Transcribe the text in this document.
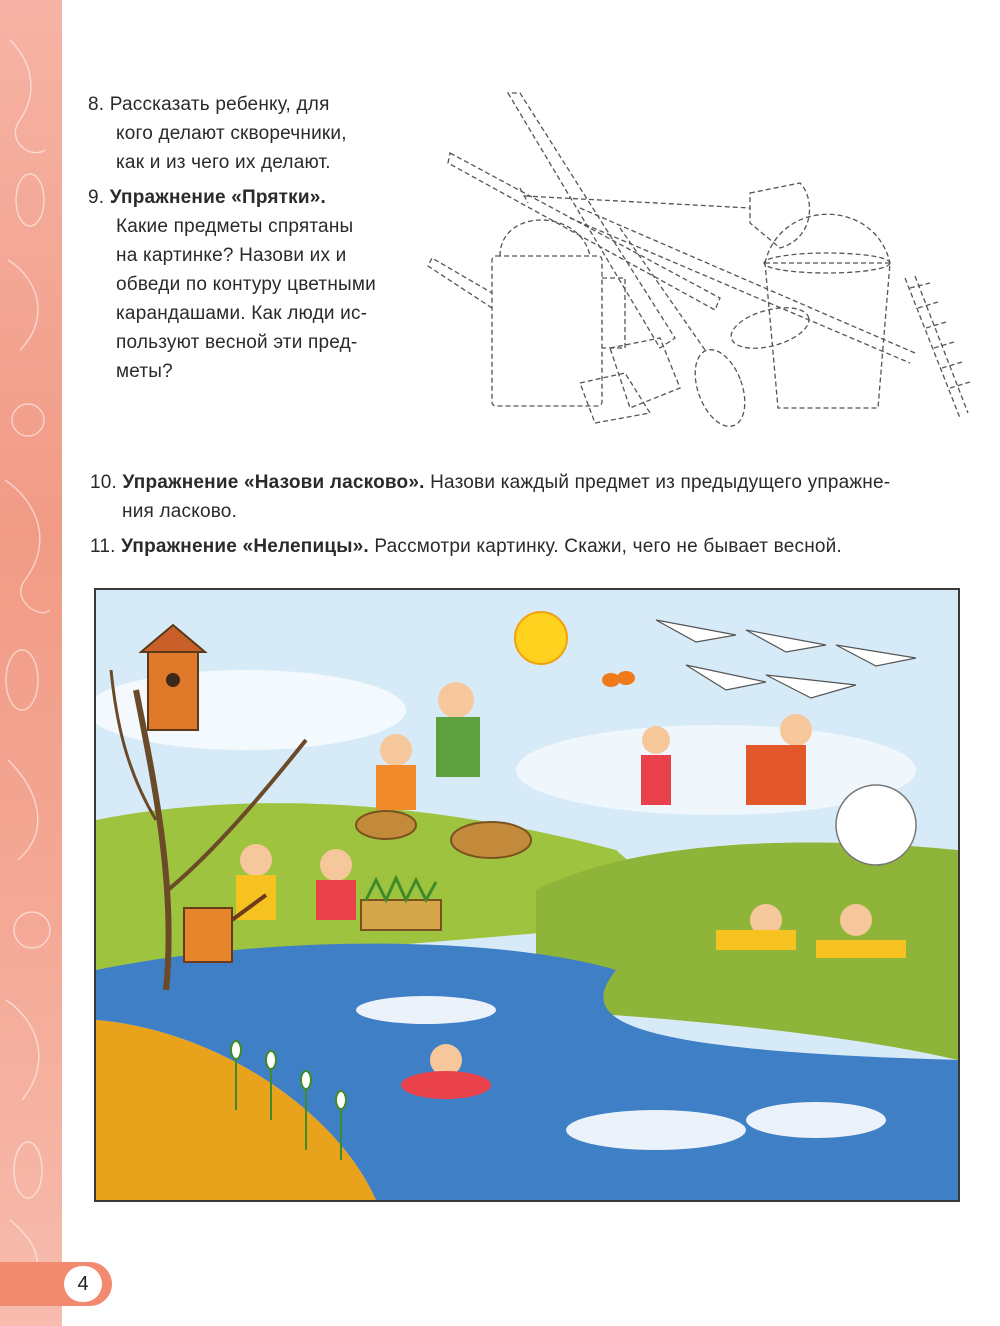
8. Рассказать ребенку, для
кого делают скворечники,
как и из чего их делают.
9. Упражнение «Прятки».
Какие предметы спрятаны
на картинке? Назови их и
обведи по контуру цветными
карандашами. Как люди ис-
пользуют весной эти пред-
меты?
10. Упражнение «Назови ласково». Назови каждый предмет из предыдущего упражне-
ния ласково.
11. Упражнение «Нелепицы». Рассмотри картинку. Скажи, чего не бывает весной.
4
